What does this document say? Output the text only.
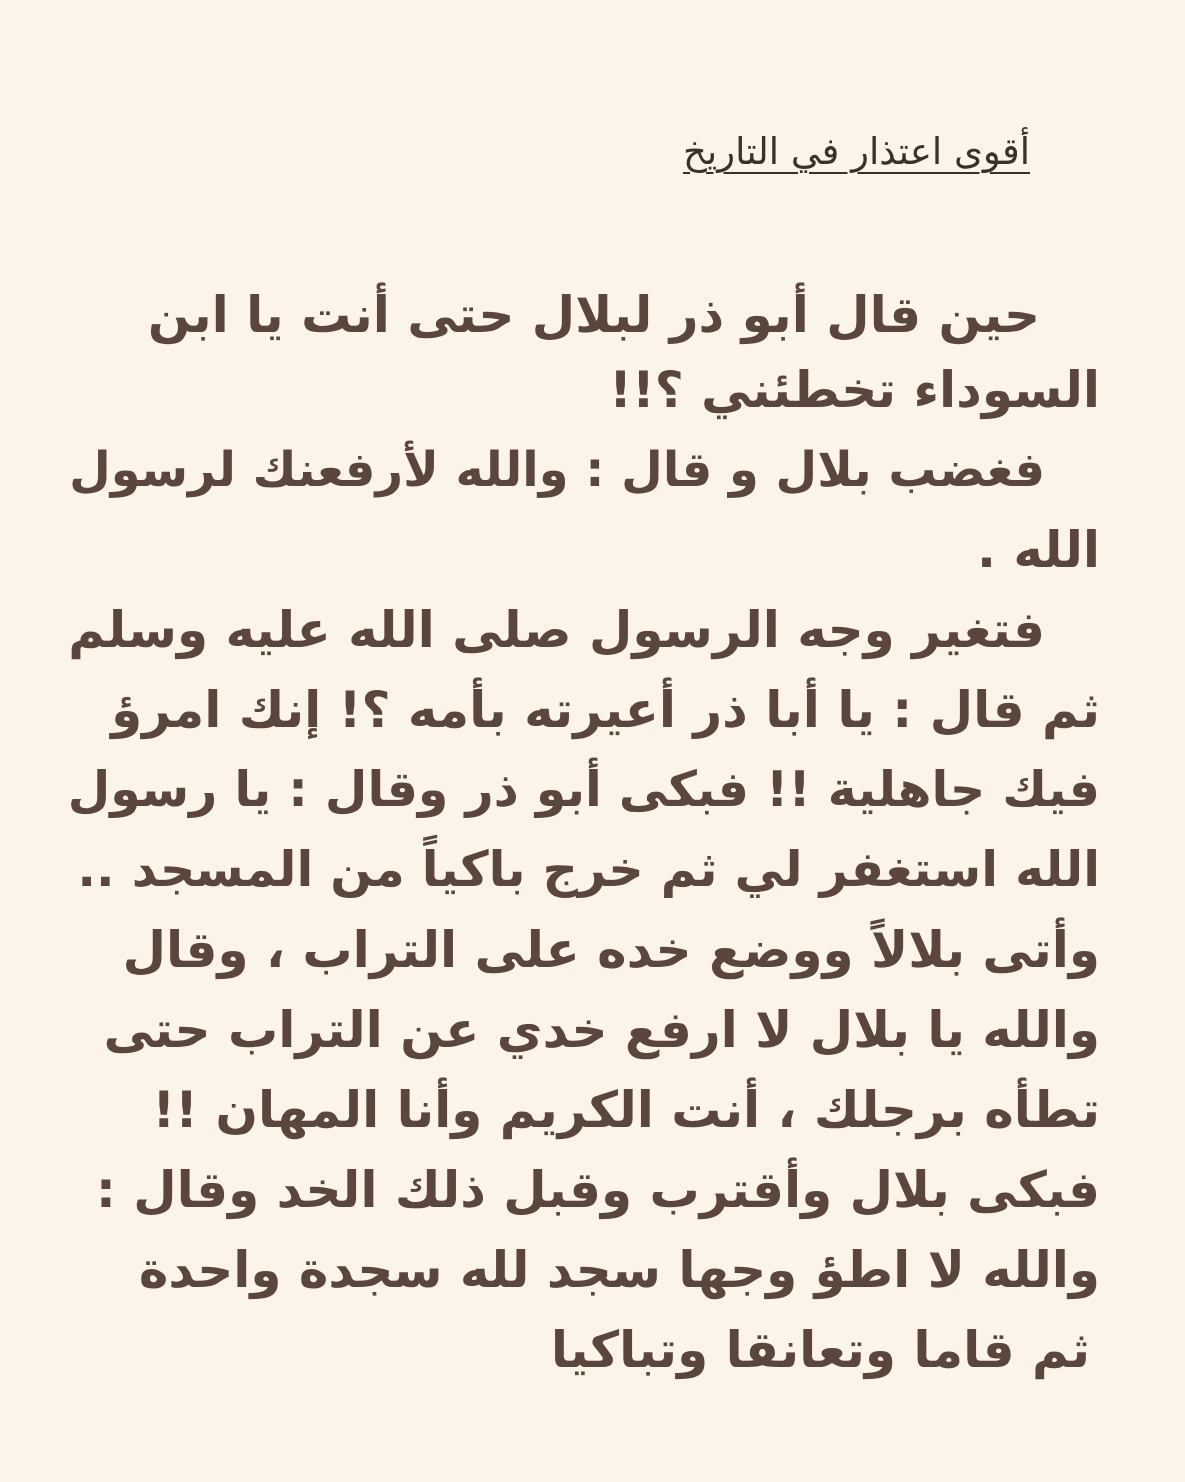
أقوى اعتذار في التاريخ
حين قال أبو ذر لبلال حتى أنت يا ابن
السوداء تخطئني ؟!!
فغضب بلال و قال : والله لأرفعنك لرسول
الله .
فتغير وجه الرسول صلى الله عليه وسلم
ثم قال : يا أبا ذر أعيرته بأمه ؟! إنك امرؤ
فيك جاهلية !! فبكى أبو ذر وقال : يا رسول
الله استغفر لي ثم خرج باكياً من المسجد ..
وأتى بلالاً ووضع خده على التراب ، وقال
والله يا بلال لا ارفع خدي عن التراب حتى
تطأه برجلك ، أنت الكريم وأنا المهان !!
فبكى بلال وأقترب وقبل ذلك الخد وقال :
والله لا اطؤ وجها سجد لله سجدة واحدة
ثم قاما وتعانقا وتباكيا
